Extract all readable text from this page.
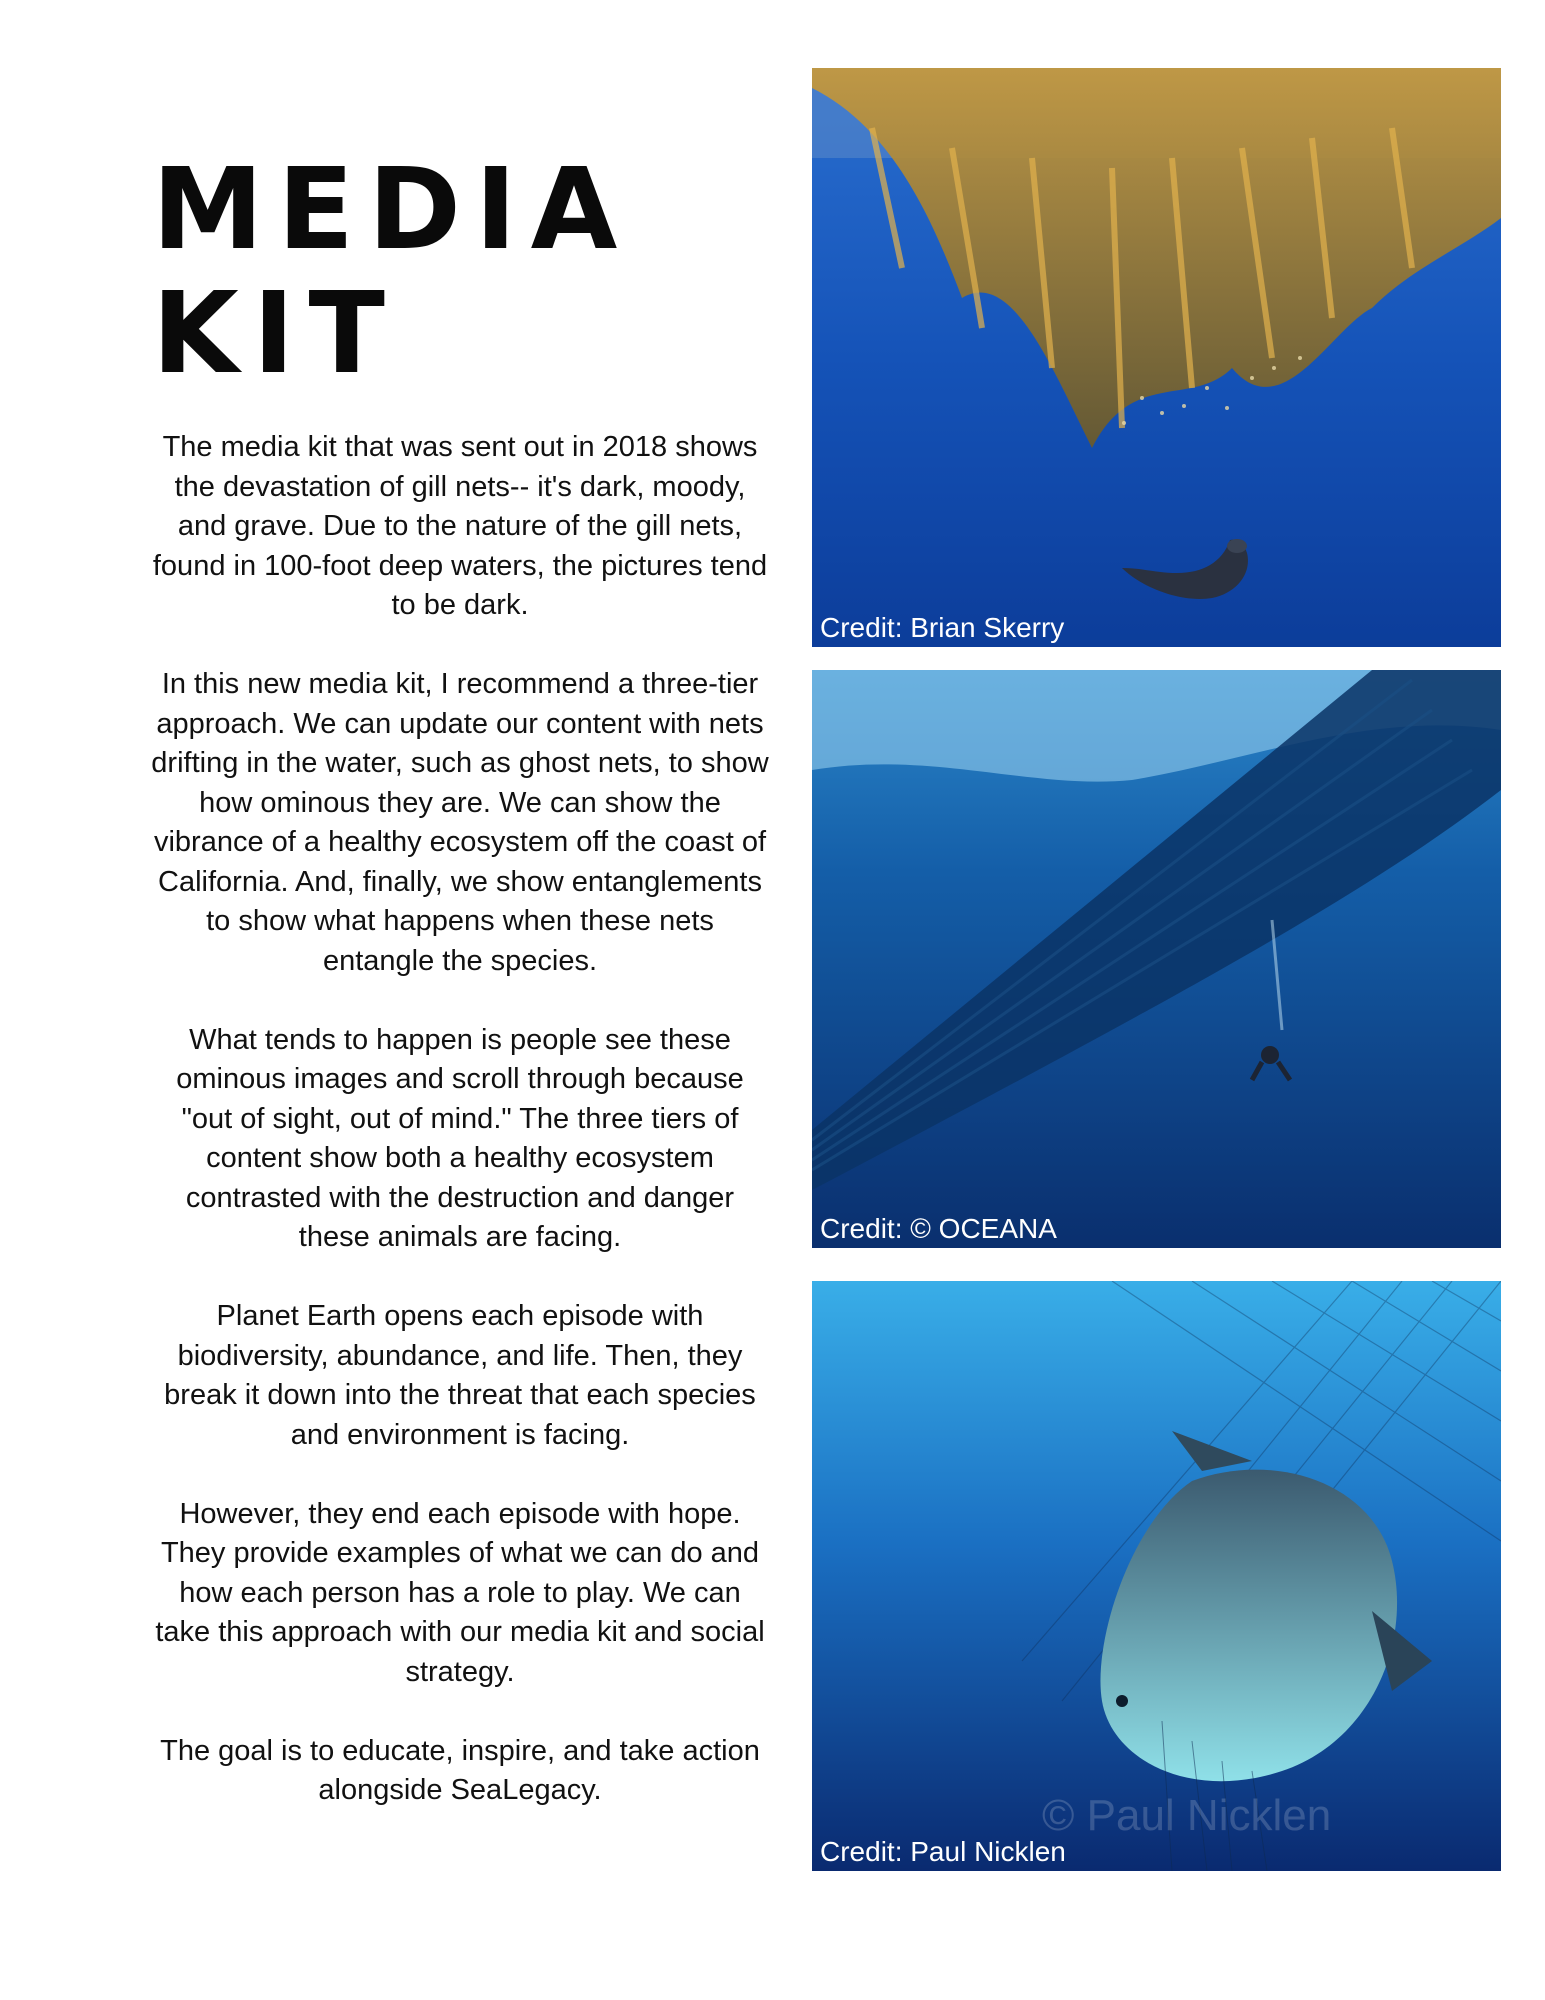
MEDIA
KIT

The media kit that was sent out in 2018 shows the devastation of gill nets-- it's dark, moody, and grave. Due to the nature of the gill nets, found in 100-foot deep waters, the pictures tend to be dark.

In this new media kit, I recommend a three-tier approach. We can update our content with nets drifting in the water, such as ghost nets, to show how ominous they are. We can show the vibrance of a healthy ecosystem off the coast of California. And, finally, we show entanglements to show what happens when these nets entangle the species.

What tends to happen is people see these ominous images and scroll through because "out of sight, out of mind." The three tiers of content show both a healthy ecosystem contrasted with the destruction and danger these animals are facing.

Planet Earth opens each episode with biodiversity, abundance, and life. Then, they break it down into the threat that each species and environment is facing.

However, they end each episode with hope. They provide examples of what we can do and how each person has a role to play. We can take this approach with our media kit and social strategy.

The goal is to educate, inspire, and take action alongside SeaLegacy.

Credit: Brian Skerry
Credit: © OCEANA
© Paul Nicklen
Credit: Paul Nicklen
